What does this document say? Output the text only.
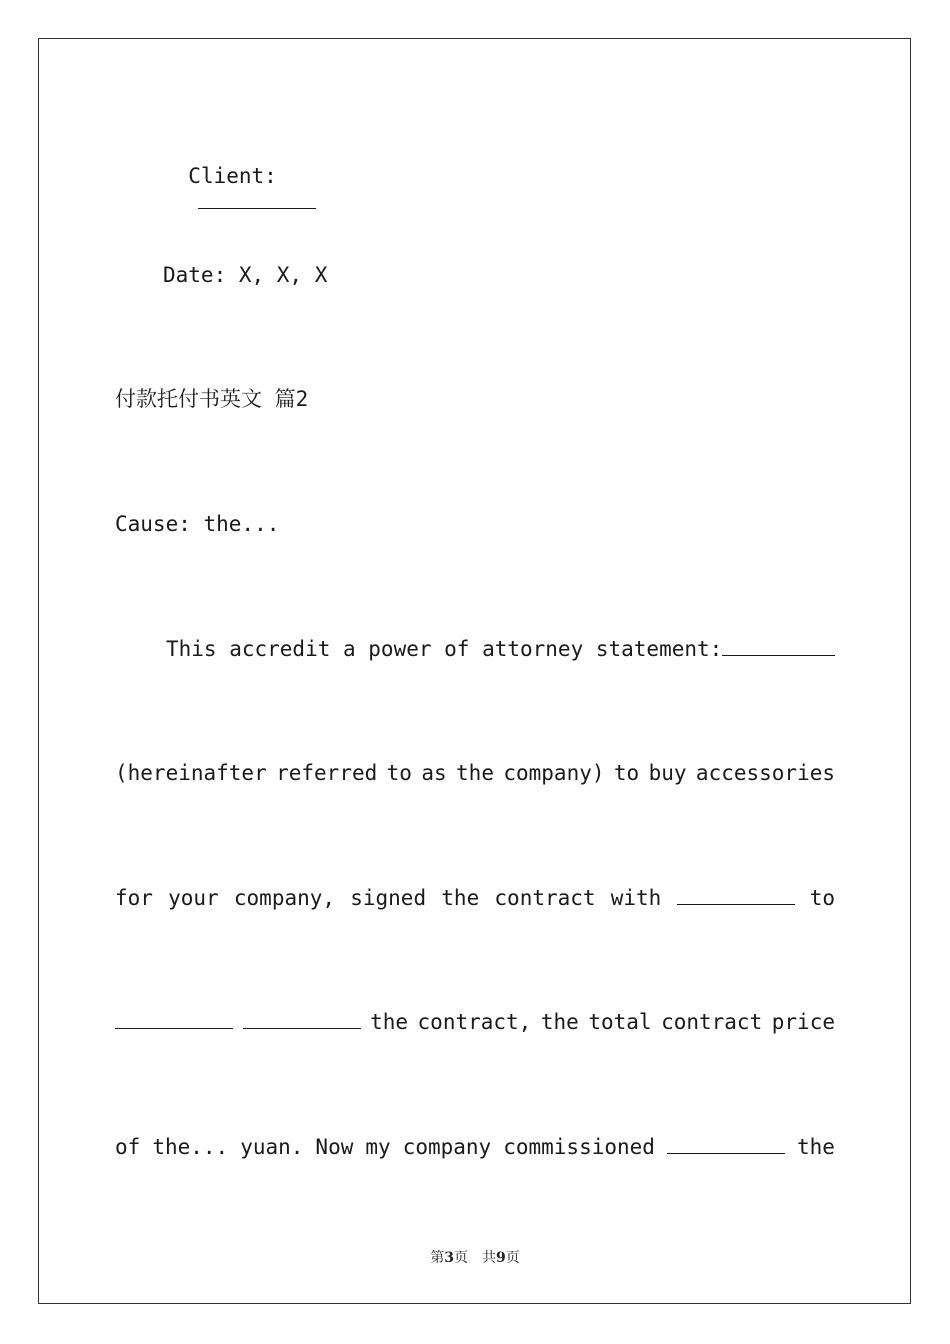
Client:

Date: X, X, X
付款托付书英文 篇2
Cause: the...
This accredit a power of attorney statement:
(hereinafter referred to as the company) to buy accessories
for your company, signed the contract with	to
the contract, the total contract price
of the... yuan. Now my company commissioned	the
第3页　共9页
